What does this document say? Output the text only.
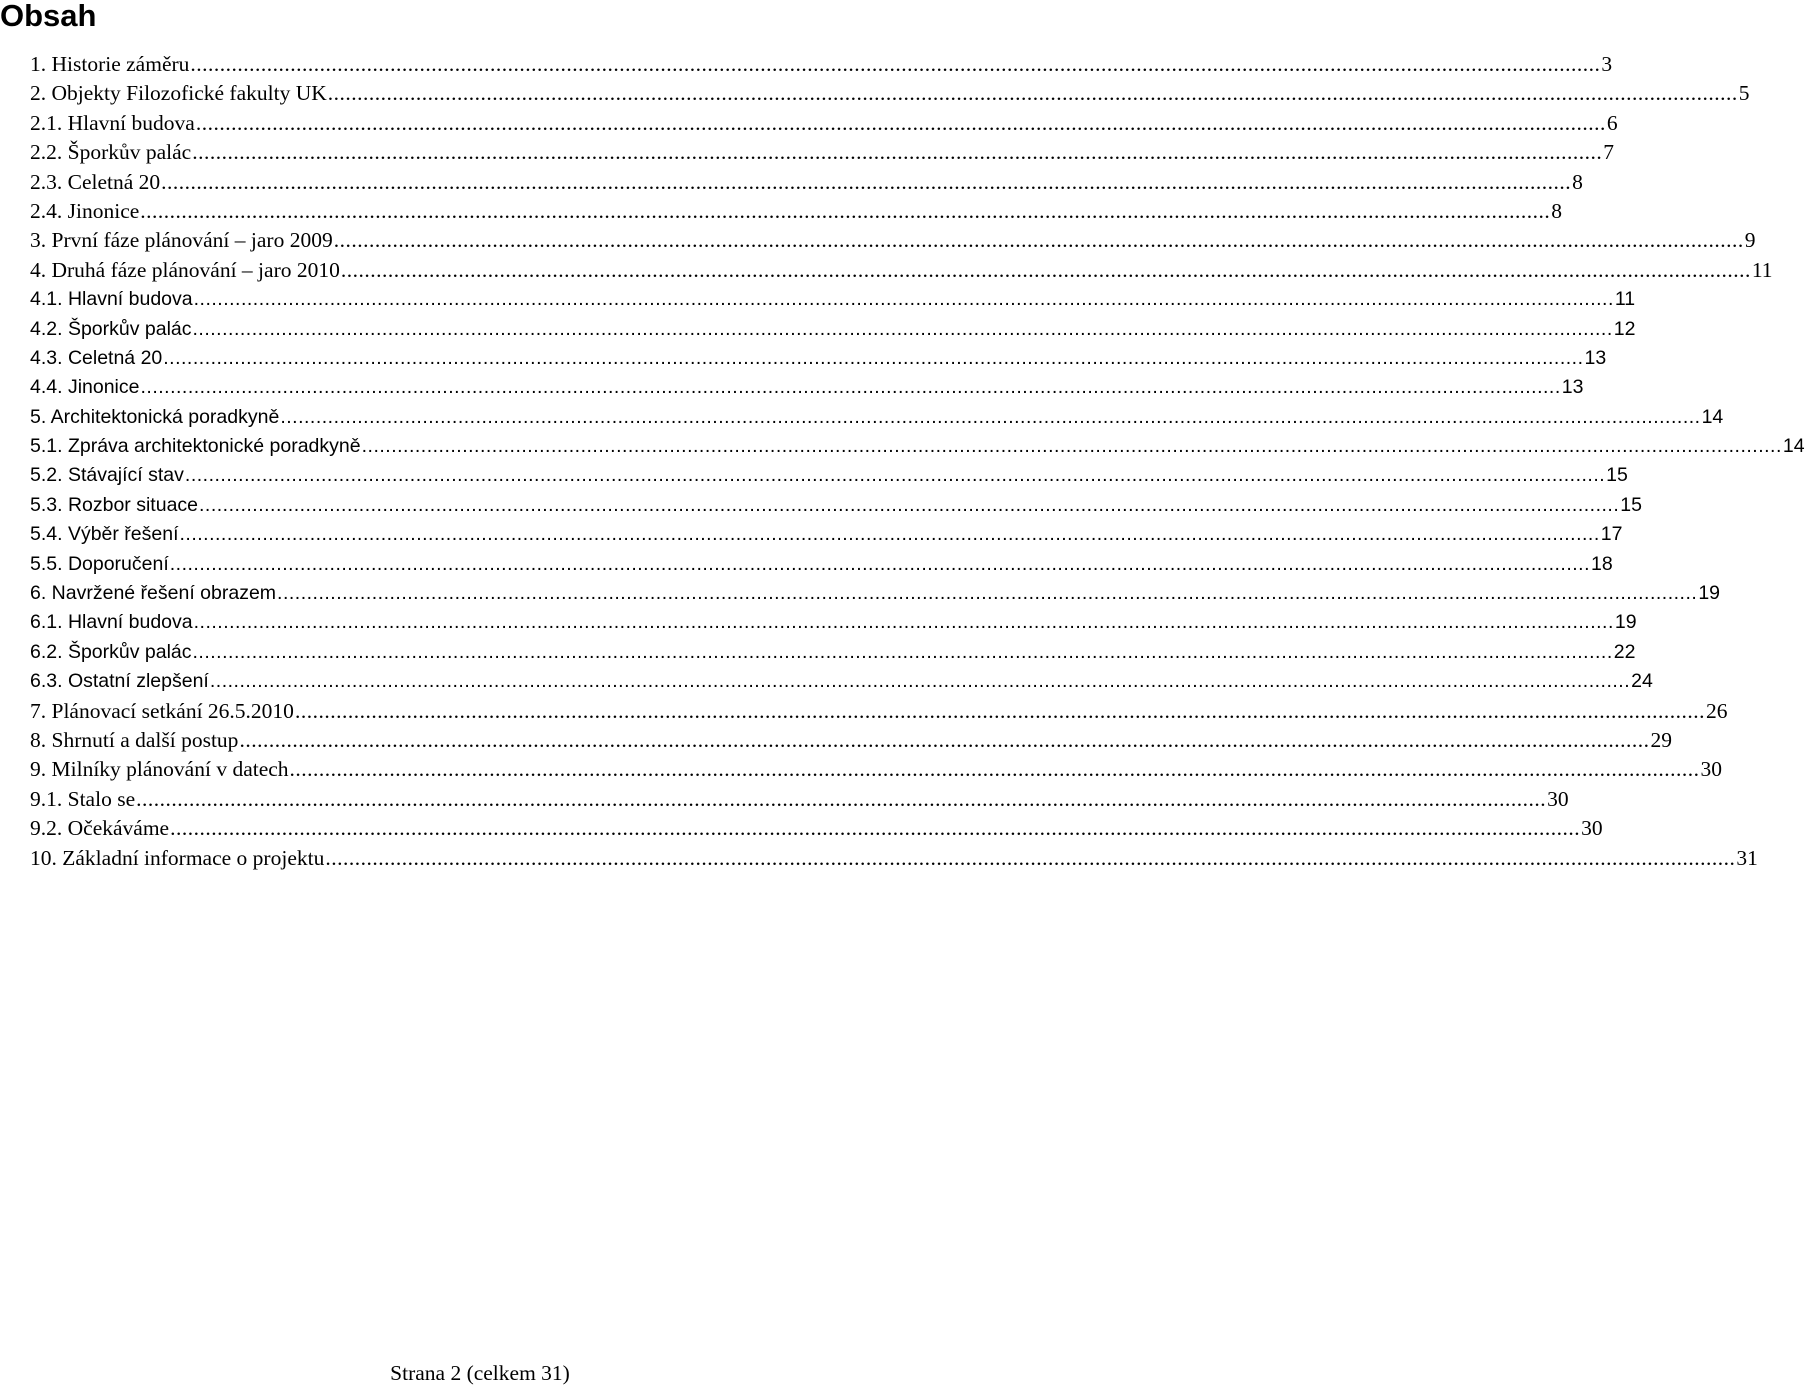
Obsah
1. Historie záměru .....	3
2. Objekty Filozofické fakulty UK .....	5
2.1. Hlavní budova .....	6
2.2. Šporkův palác .....	7
2.3. Celetná 20 .....	8
2.4. Jinonice .....	8
3. První fáze plánování – jaro 2009 .....	9
4. Druhá fáze plánování – jaro 2010 .....	11
4.1. Hlavní budova .....	11
4.2. Šporkův palác .....	12
4.3. Celetná 20 .....	13
4.4. Jinonice .....	13
5. Architektonická poradkyně .....	14
5.1. Zpráva architektonické poradkyně .....	14
5.2. Stávající stav .....	15
5.3. Rozbor situace .....	15
5.4. Výběr řešení .....	17
5.5. Doporučení .....	18
6. Navržené řešení obrazem .....	19
6.1. Hlavní budova .....	19
6.2. Šporkův palác .....	22
6.3. Ostatní zlepšení .....	24
7. Plánovací setkání 26.5.2010 .....	26
8. Shrnutí a další postup .....	29
9. Milníky plánování v datech .....	30
9.1. Stalo se .....	30
9.2. Očekáváme .....	30
10. Základní informace o projektu .....	31
Strana 2 (celkem 31)
